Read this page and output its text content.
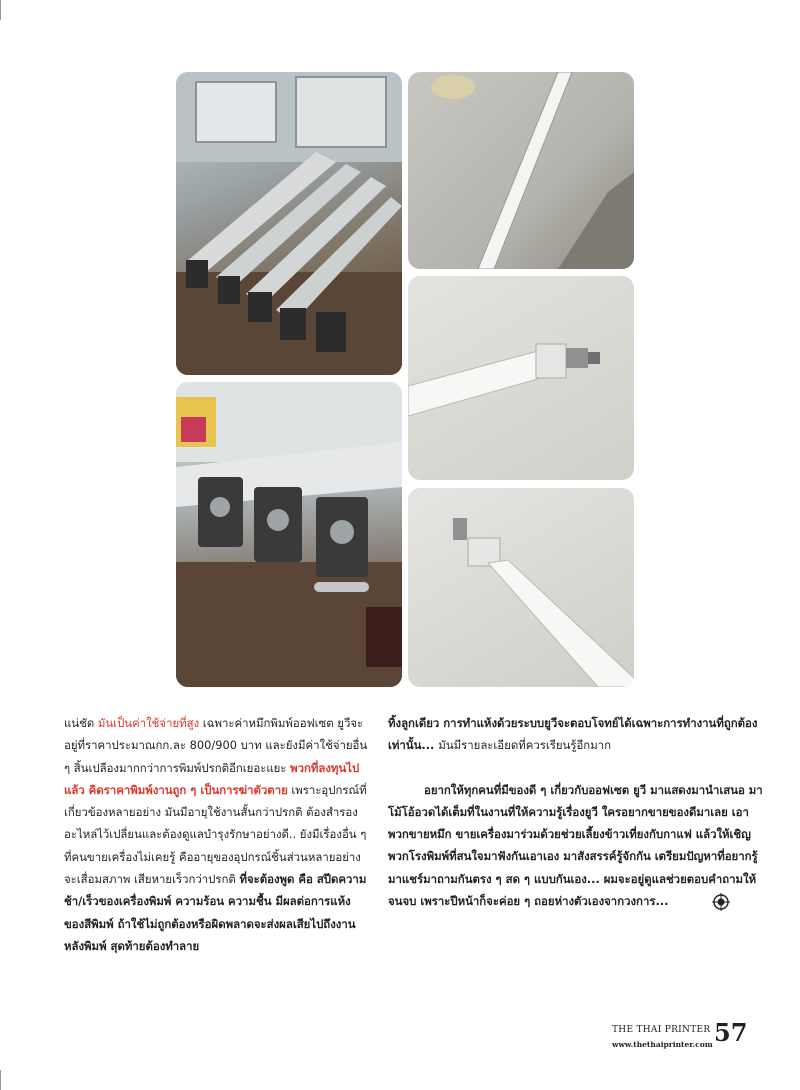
แน่ชัด มันเป็นค่าใช้จ่ายที่สูง เฉพาะค่าหมึกพิมพ์ออฟเซต ยูวีจะอยู่ที่ราคาประมาณกก.ละ 800/900 บาท และยังมีค่าใช้จ่ายอื่น ๆ สิ้นเปลืองมากกว่าการพิมพ์ปรกติอีกเยอะแยะ พวกที่ลงทุนไปแล้ว คิดราคาพิมพ์งานถูก ๆ เป็นการฆ่าตัวตาย เพราะอุปกรณ์ที่เกี่ยวข้องหลายอย่าง มันมีอายุใช้งานสั้นกว่าปรกติ ต้องสำรองอะไหล่ไว้เปลี่ยนและต้องดูแลบำรุงรักษาอย่างดี.. ยังมีเรื่องอื่น ๆ ที่คนขายเครื่องไม่เคยรู้ คืออายุของอุปกรณ์ชิ้นส่วนหลายอย่างจะเสื่อมสภาพ เสียหายเร็วกว่าปรกติ ที่จะต้องพูด คือ สปีดความช้า/เร็วของเครื่องพิมพ์ ความร้อน ความชื้น มีผลต่อการแห้งของสีพิมพ์ ถ้าใช้ไม่ถูกต้องหรือผิดพลาดจะส่งผลเสียไปถึงงานหลังพิมพ์ สุดท้ายต้องทำลาย

ทิ้งลูกเดียว การทำแห้งด้วยระบบยูวีจะตอบโจทย์ได้เฉพาะการทำงานที่ถูกต้องเท่านั้น... มันมีรายละเอียดที่ควรเรียนรู้อีกมาก

อยากให้ทุกคนที่มีของดี ๆ เกี่ยวกับออฟเซต ยูวี มาแสดงมานำเสนอ มาโม้โอ้อวดได้เต็มที่ในงานที่ให้ความรู้เรื่องยูวี ใครอยากขายของดีมาเลย เอาพวกขายหมึก ขายเครื่องมาร่วมด้วยช่วยเลี้ยงข้าวเที่ยงกับกาแฟ แล้วให้เชิญพวกโรงพิมพ์ที่สนใจมาฟังกันเอาเอง มาสังสรรค์รู้จักกัน เตรียมปัญหาที่อยากรู้มาแชร์มาถามกันตรง ๆ สด ๆ แบบกันเอง... ผมจะอยู่ดูแลช่วยตอบคำถามให้จนจบ เพราะปีหน้าก็จะค่อย ๆ ถอยห่างตัวเองจากวงการ...

THE THAI PRINTER
www.thethaiprinter.com 57
